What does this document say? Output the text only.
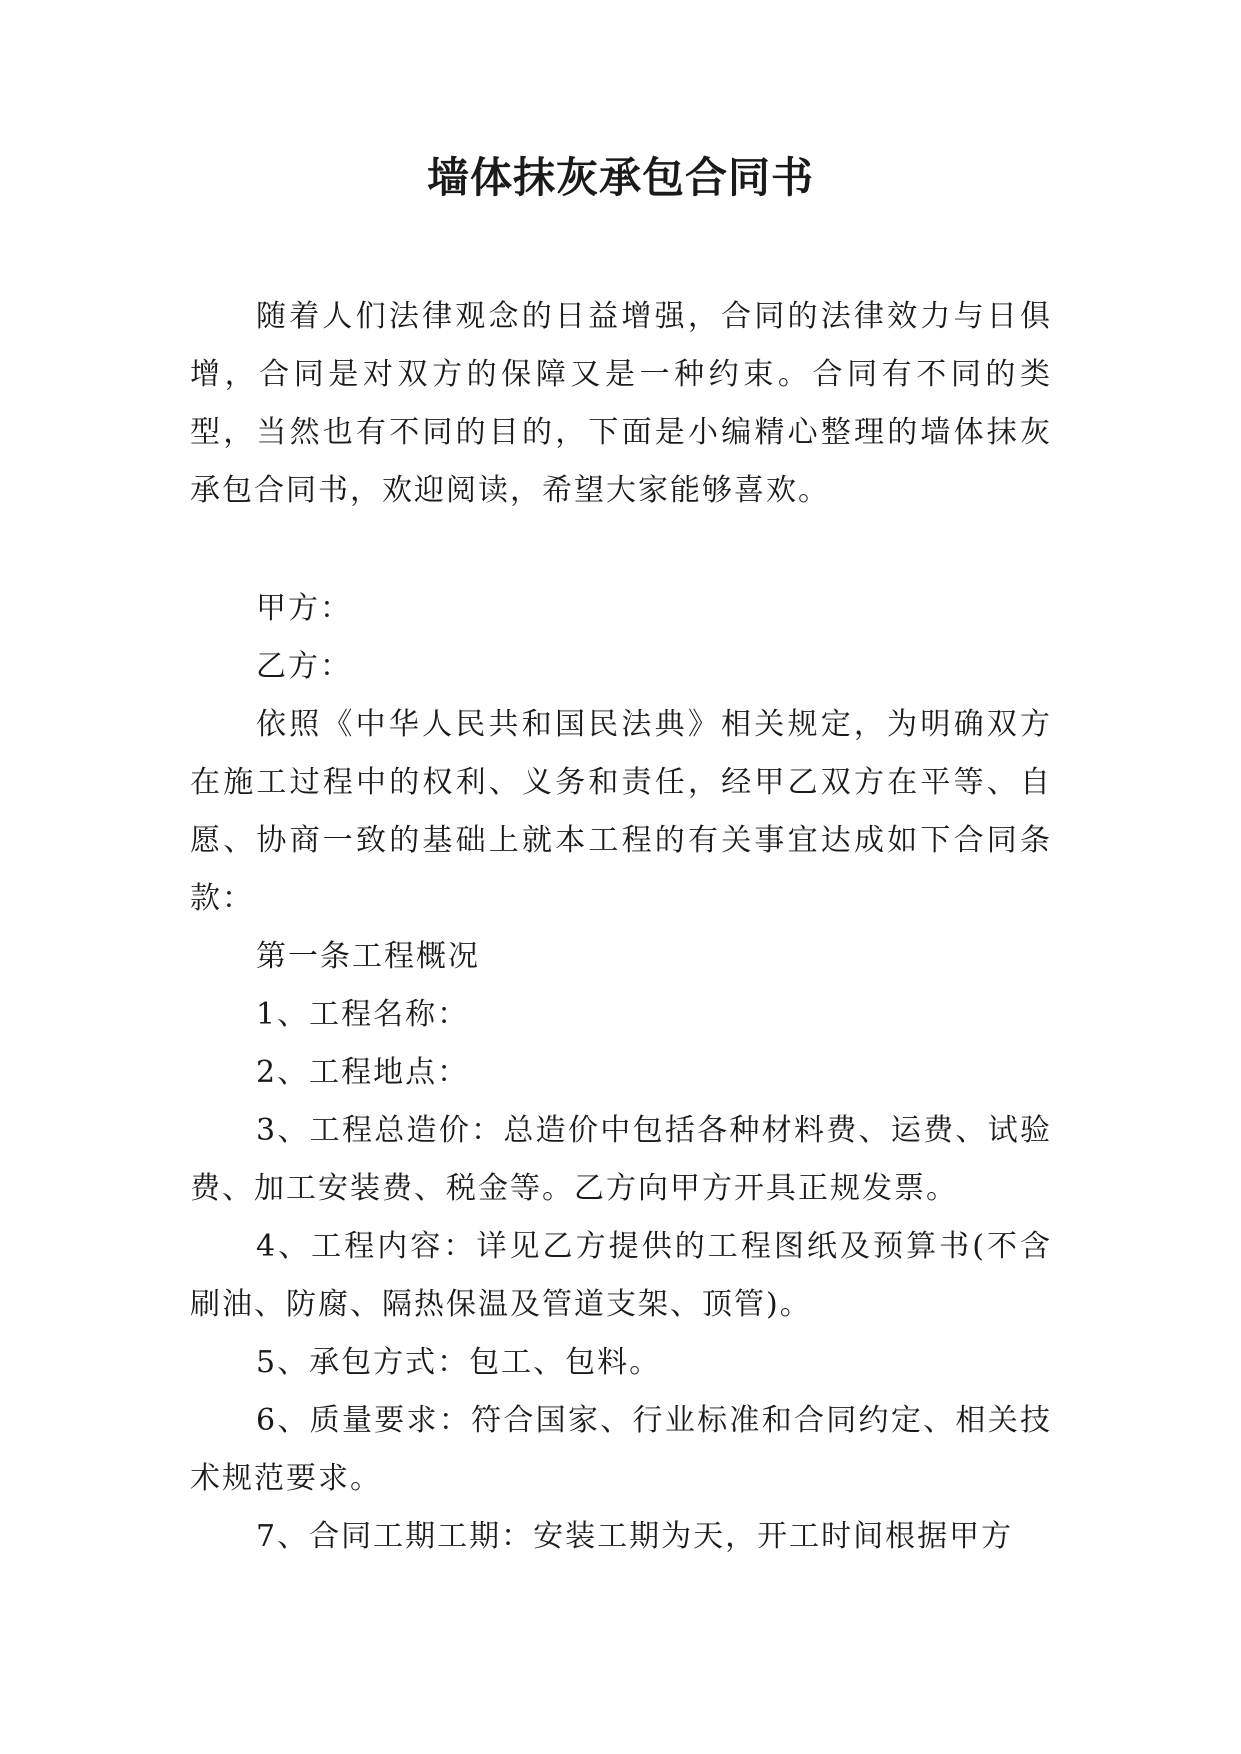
墙体抹灰承包合同书

随着人们法律观念的日益增强，合同的法律效力与日俱增，合同是对双方的保障又是一种约束。合同有不同的类型，当然也有不同的目的，下面是小编精心整理的墙体抹灰承包合同书，欢迎阅读，希望大家能够喜欢。

甲方：

乙方：

依照《中华人民共和国民法典》相关规定，为明确双方在施工过程中的权利、义务和责任，经甲乙双方在平等、自愿、协商一致的基础上就本工程的有关事宜达成如下合同条款：

第一条工程概况

1、工程名称：

2、工程地点：

3、工程总造价：总造价中包括各种材料费、运费、试验费、加工安装费、税金等。乙方向甲方开具正规发票。

4、工程内容：详见乙方提供的工程图纸及预算书(不含刷油、防腐、隔热保温及管道支架、顶管)。

5、承包方式：包工、包料。

6、质量要求：符合国家、行业标准和合同约定、相关技术规范要求。

7、合同工期工期：安装工期为天，开工时间根据甲方
